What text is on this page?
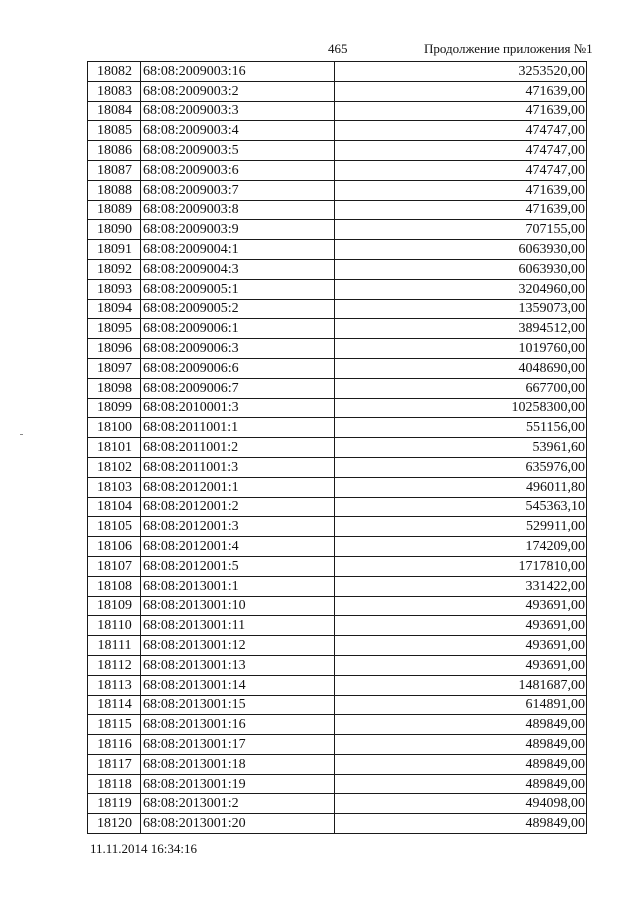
465	Продолжение приложения №1
18082	68:08:2009003:16	3253520,00
18083	68:08:2009003:2	471639,00
18084	68:08:2009003:3	471639,00
18085	68:08:2009003:4	474747,00
18086	68:08:2009003:5	474747,00
18087	68:08:2009003:6	474747,00
18088	68:08:2009003:7	471639,00
18089	68:08:2009003:8	471639,00
18090	68:08:2009003:9	707155,00
18091	68:08:2009004:1	6063930,00
18092	68:08:2009004:3	6063930,00
18093	68:08:2009005:1	3204960,00
18094	68:08:2009005:2	1359073,00
18095	68:08:2009006:1	3894512,00
18096	68:08:2009006:3	1019760,00
18097	68:08:2009006:6	4048690,00
18098	68:08:2009006:7	667700,00
18099	68:08:2010001:3	10258300,00
18100	68:08:2011001:1	551156,00
18101	68:08:2011001:2	53961,60
18102	68:08:2011001:3	635976,00
18103	68:08:2012001:1	496011,80
18104	68:08:2012001:2	545363,10
18105	68:08:2012001:3	529911,00
18106	68:08:2012001:4	174209,00
18107	68:08:2012001:5	1717810,00
18108	68:08:2013001:1	331422,00
18109	68:08:2013001:10	493691,00
18110	68:08:2013001:11	493691,00
18111	68:08:2013001:12	493691,00
18112	68:08:2013001:13	493691,00
18113	68:08:2013001:14	1481687,00
18114	68:08:2013001:15	614891,00
18115	68:08:2013001:16	489849,00
18116	68:08:2013001:17	489849,00
18117	68:08:2013001:18	489849,00
18118	68:08:2013001:19	489849,00
18119	68:08:2013001:2	494098,00
18120	68:08:2013001:20	489849,00
11.11.2014 16:34:16
